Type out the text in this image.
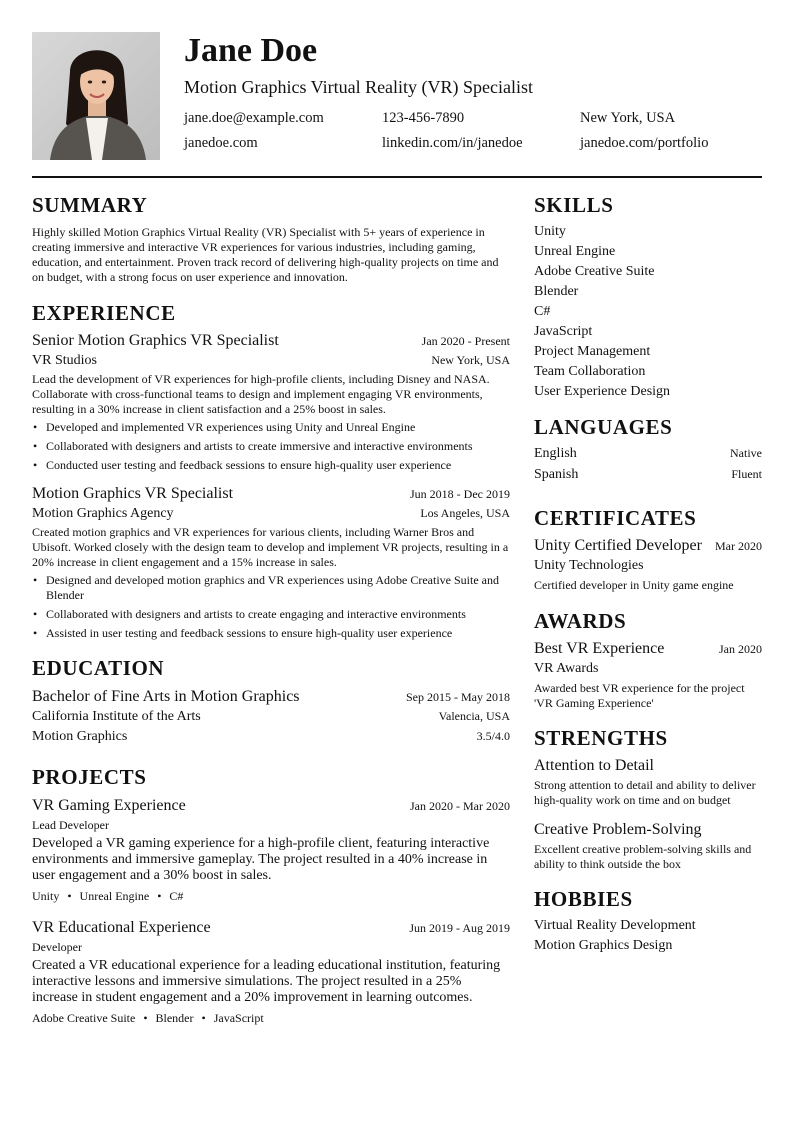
Jane Doe
Motion Graphics Virtual Reality (VR) Specialist
jane.doe@example.com	123-456-7890	New York, USA
janedoe.com	linkedin.com/in/janedoe	janedoe.com/portfolio
SUMMARY
Highly skilled Motion Graphics Virtual Reality (VR) Specialist with 5+ years of experience in creating immersive and interactive VR experiences for various industries, including gaming, education, and entertainment. Proven track record of delivering high-quality projects on time and on budget, with a strong focus on user experience and innovation.
EXPERIENCE
Senior Motion Graphics VR Specialist	Jan 2020 - Present
VR Studios	New York, USA
Lead the development of VR experiences for high-profile clients, including Disney and NASA. Collaborate with cross-functional teams to design and implement engaging VR environments, resulting in a 30% increase in client satisfaction and a 25% boost in sales.
• Developed and implemented VR experiences using Unity and Unreal Engine
• Collaborated with designers and artists to create immersive and interactive environments
• Conducted user testing and feedback sessions to ensure high-quality user experience
Motion Graphics VR Specialist	Jun 2018 - Dec 2019
Motion Graphics Agency	Los Angeles, USA
Created motion graphics and VR experiences for various clients, including Warner Bros and Ubisoft. Worked closely with the design team to develop and implement VR projects, resulting in a 20% increase in client engagement and a 15% increase in sales.
• Designed and developed motion graphics and VR experiences using Adobe Creative Suite and Blender
• Collaborated with designers and artists to create engaging and interactive environments
• Assisted in user testing and feedback sessions to ensure high-quality user experience
EDUCATION
Bachelor of Fine Arts in Motion Graphics	Sep 2015 - May 2018
California Institute of the Arts	Valencia, USA
Motion Graphics	3.5/4.0
PROJECTS
VR Gaming Experience	Jan 2020 - Mar 2020
Lead Developer
Developed a VR gaming experience for a high-profile client, featuring interactive environments and immersive gameplay. The project resulted in a 40% increase in user engagement and a 30% boost in sales.
Unity • Unreal Engine • C#
VR Educational Experience	Jun 2019 - Aug 2019
Developer
Created a VR educational experience for a leading educational institution, featuring interactive lessons and immersive simulations. The project resulted in a 25% increase in student engagement and a 20% improvement in learning outcomes.
Adobe Creative Suite • Blender • JavaScript
SKILLS
Unity
Unreal Engine
Adobe Creative Suite
Blender
C#
JavaScript
Project Management
Team Collaboration
User Experience Design
LANGUAGES
English	Native
Spanish	Fluent
CERTIFICATES
Unity Certified Developer Mar 2020
Unity Technologies
Certified developer in Unity game engine
AWARDS
Best VR Experience	Jan 2020
VR Awards
Awarded best VR experience for the project 'VR Gaming Experience'
STRENGTHS
Attention to Detail
Strong attention to detail and ability to deliver high-quality work on time and on budget
Creative Problem-Solving
Excellent creative problem-solving skills and ability to think outside the box
HOBBIES
Virtual Reality Development
Motion Graphics Design
